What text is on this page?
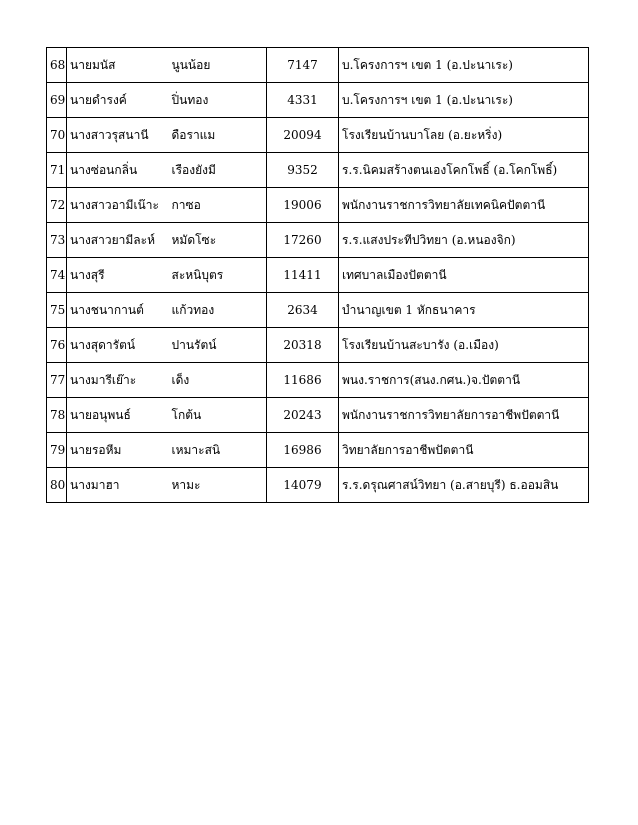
68	นายมนัส	นูนน้อย	7147	บ.โครงการฯ เขต 1 (อ.ปะนาเระ)
69	นายดำรงค์	ปิ่นทอง	4331	บ.โครงการฯ เขต 1 (อ.ปะนาเระ)
70	นางสาวรุสนานี	ดือราแม	20094	โรงเรียนบ้านบาโลย (อ.ยะหริ่ง)
71	นางซ่อนกลิ่น	เรืองยังมี	9352	ร.ร.นิคมสร้างตนเองโคกโพธิ์ (อ.โคกโพธิ์)
72	นางสาวอามีเน๊าะ	กาซอ	19006	พนักงานราชการวิทยาลัยเทคนิคปัตตานี
73	นางสาวยามีละห์	หมัดโซะ	17260	ร.ร.แสงประทีปวิทยา (อ.หนองจิก)
74	นางสุรี	สะหนิบุตร	11411	เทศบาลเมืองปัตตานี
75	นางชนากานต์	แก้วทอง	2634	บำนาญเขต 1 หักธนาคาร
76	นางสุดารัตน์	ปานรัตน์	20318	โรงเรียนบ้านสะบารัง (อ.เมือง)
77	นางมารีเย๊าะ	เด็ง	11686	พนง.ราชการ(สนง.กศน.)จ.ปัตตานี
78	นายอนุพนธ์	โกต้น	20243	พนักงานราชการวิทยาลัยการอาชีพปัตตานี
79	นายรอหีม	เหมาะสนิ	16986	วิทยาลัยการอาชีพปัตตานี
80	นางมาฮา	หามะ	14079	ร.ร.ดรุณศาสน์วิทยา (อ.สายบุรี) ธ.ออมสิน
